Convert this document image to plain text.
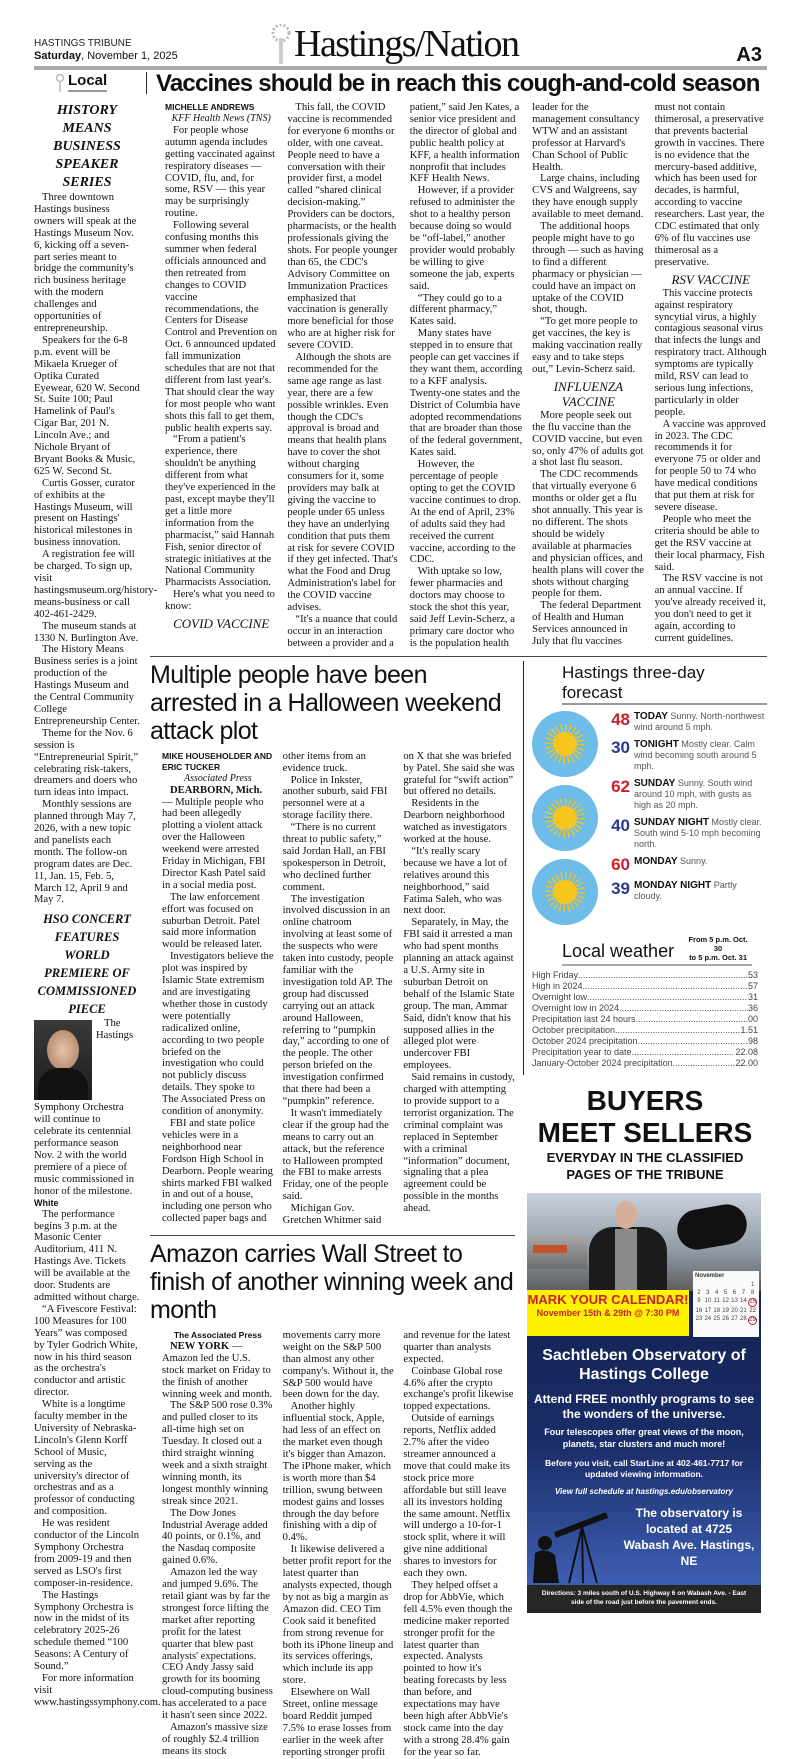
HASTINGS TRIBUNE
Saturday, November 1, 2025	Hastings/Nation	A3
Local Vaccines should be in reach this cough-and-cold season

HISTORY MEANS BUSINESS SPEAKER SERIES

Three downtown Hastings business owners will speak at the Hastings Museum Nov. 6, kicking off a seven-part series meant to bridge the community's rich business heritage with the modern challenges and opportunities of entrepreneurship.

Speakers for the 6-8 p.m. event will be Mikaela Krueger of Optika Curated Eyewear, 620 W. Second St. Suite 100; Paul Hamelink of Paul's Cigar Bar, 201 N. Lincoln Ave.; and Nichole Bryant of Bryant Books & Music, 625 W. Second St.

Curtis Gosser, curator of exhibits at the Hastings Museum, will present on Hastings' historical milestones in business innovation.

A registration fee will be charged. To sign up, visit hastingsmuseum.org/history-means-business or call 402-461-2429.

The museum stands at 1330 N. Burlington Ave.

The History Means Business series is a joint production of the Hastings Museum and the Central Community College Entrepreneurship Center.

Theme for the Nov. 6 session is “Entrepreneurial Spirit,” celebrating risk-takers, dreamers and doers who turn ideas into impact.

Monthly sessions are planned through May 7, 2026, with a new topic and panelists each month. The follow-on program dates are Dec. 11, Jan. 15, Feb. 5, March 12, April 9 and May 7.

HSO CONCERT FEATURES WORLD PREMIERE OF COMMISSIONED PIECE

The Hastings Symphony Orchestra will continue to celebrate its centennial performance season Nov. 2 with the world premiere of a piece of music commissioned in honor of the milestone.

White

The performance begins 3 p.m. at the Masonic Center Auditorium, 411 N. Hastings Ave. Tickets will be available at the door. Students are admitted without charge.

“A Fivescore Festival: 100 Measures for 100 Years” was composed by Tyler Godrich White, now in his third season as the orchestra's conductor and artistic director.

White is a longtime faculty member in the University of Nebraska-Lincoln's Glenn Korff School of Music, serving as the university's director of orchestras and as a professor of conducting and composition.

He was resident conductor of the Lincoln Symphony Orchestra from 2009-19 and then served as LSO's first composer-in-residence.

The Hastings Symphony Orchestra is now in the midst of its celebratory 2025-26 schedule themed “100 Seasons: A Century of Sound.”

For more information visit www.hastingssymphony.com.

MICHELLE ANDREWS

KFF Health News (TNS)

For people whose autumn agenda includes getting vaccinated against respiratory diseases — COVID, flu, and, for some, RSV — this year may be surprisingly routine.

Following several confusing months this summer when federal officials announced and then retreated from changes to COVID vaccine recommendations, the Centers for Disease Control and Prevention on Oct. 6 announced updated fall immunization schedules that are not that different from last year's. That should clear the way for most people who want shots this fall to get them, public health experts say.

“From a patient's experience, there shouldn't be anything different from what they've experienced in the past, except maybe they'll get a little more information from the pharmacist,” said Hannah Fish, senior director of strategic initiatives at the National Community Pharmacists Association.

Here's what you need to know:

COVID VACCINE

This fall, the COVID vaccine is recommended for everyone 6 months or older, with one caveat. People need to have a conversation with their provider first, a model called “shared clinical decision-making.” Providers can be doctors, pharmacists, or the health professionals giving the shots. For people younger than 65, the CDC's Advisory Committee on Immunization Practices emphasized that vaccination is generally more beneficial for those who are at higher risk for severe COVID.

Although the shots are recommended for the same age range as last year, there are a few possible wrinkles. Even though the CDC's approval is broad and means that health plans have to cover the shot without charging consumers for it, some providers may balk at giving the vaccine to people under 65 unless they have an underlying condition that puts them at risk for severe COVID if they get infected. That's what the Food and Drug Administration's label for the COVID vaccine advises.

“It's a nuance that could occur in an interaction between a provider and a patient,” said Jen Kates, a senior vice president and the director of global and public health policy at KFF, a health information nonprofit that includes KFF Health News.

However, if a provider refused to administer the shot to a healthy person because doing so would be “off-label,” another provider would probably be willing to give someone the jab, experts said.

“They could go to a different pharmacy,” Kates said.

Many states have stepped in to ensure that people can get vaccines if they want them, according to a KFF analysis. Twenty-one states and the District of Columbia have adopted recommendations that are broader than those of the federal government, Kates said.

However, the percentage of people opting to get the COVID vaccine continues to drop. At the end of April, 23% of adults said they had received the current vaccine, according to the CDC.

With uptake so low, fewer pharmacies and doctors may choose to stock the shot this year, said Jeff Levin-Scherz, a primary care doctor who is the population health leader for the management consultancy WTW and an assistant professor at Harvard's Chan School of Public Health.

Large chains, including CVS and Walgreens, say they have enough supply available to meet demand.

The additional hoops people might have to go through — such as having to find a different pharmacy or physician — could have an impact on uptake of the COVID shot, though.

“To get more people to get vaccines, the key is making vaccination really easy and to take steps out,” Levin-Scherz said.

INFLUENZA VACCINE

More people seek out the flu vaccine than the COVID vaccine, but even so, only 47% of adults got a shot last flu season.

The CDC recommends that virtually everyone 6 months or older get a flu shot annually. This year is no different. The shots should be widely available at pharmacies and physician offices, and health plans will cover the shots without charging people for them.

The federal Department of Health and Human Services announced in July that flu vaccines must not contain thimerosal, a preservative that prevents bacterial growth in vaccines. There is no evidence that the mercury-based additive, which has been used for decades, is harmful, according to vaccine researchers. Last year, the CDC estimated that only 6% of flu vaccines use thimerosal as a preservative.

RSV VACCINE

This vaccine protects against respiratory syncytial virus, a highly contagious seasonal virus that infects the lungs and respiratory tract. Although symptoms are typically mild, RSV can lead to serious lung infections, particularly in older people.

A vaccine was approved in 2023. The CDC recommends it for everyone 75 or older and for people 50 to 74 who have medical conditions that put them at risk for severe disease.

People who meet the criteria should be able to get the RSV vaccine at their local pharmacy, Fish said.

The RSV vaccine is not an annual vaccine. If you've already received it, you don't need to get it again, according to current guidelines.

Multiple people have been arrested in a Halloween weekend attack plot

MIKE HOUSEHOLDER AND ERIC TUCKER

Associated Press

DEARBORN, Mich. — Multiple people who had been allegedly plotting a violent attack over the Halloween weekend were arrested Friday in Michigan, FBI Director Kash Patel said in a social media post.

The law enforcement effort was focused on suburban Detroit. Patel said more information would be released later.

Investigators believe the plot was inspired by Islamic State extremism and are investigating whether those in custody were potentially radicalized online, according to two people briefed on the investigation who could not publicly discuss details. They spoke to The Associated Press on condition of anonymity.

FBI and state police vehicles were in a neighborhood near Fordson High School in Dearborn. People wearing shirts marked FBI walked in and out of a house, including one person who collected paper bags and other items from an evidence truck.

Police in Inkster, another suburb, said FBI personnel were at a storage facility there.

“There is no current threat to public safety,” said Jordan Hall, an FBI spokesperson in Detroit, who declined further comment.

The investigation involved discussion in an online chatroom involving at least some of the suspects who were taken into custody, people familiar with the investigation told AP. The group had discussed carrying out an attack around Halloween, referring to “pumpkin day,” according to one of the people. The other person briefed on the investigation confirmed that there had been a “pumpkin” reference.

It wasn't immediately clear if the group had the means to carry out an attack, but the reference to Halloween prompted the FBI to make arrests Friday, one of the people said.

Michigan Gov. Gretchen Whitmer said on X that she was briefed by Patel. She said she was grateful for “swift action” but offered no details.

Residents in the Dearborn neighborhood watched as investigators worked at the house.

“It's really scary because we have a lot of relatives around this neighborhood,” said Fatima Saleh, who was next door.

Separately, in May, the FBI said it arrested a man who had spent months planning an attack against a U.S. Army site in suburban Detroit on behalf of the Islamic State group. The man, Ammar Said, didn't know that his supposed allies in the alleged plot were undercover FBI employees.

Said remains in custody, charged with attempting to provide support to a terrorist organization. The criminal complaint was replaced in September with a criminal “information” document, signaling that a plea agreement could be possible in the months ahead.

Amazon carries Wall Street to finish of another winning week and month

The Associated Press

NEW YORK — Amazon led the U.S. stock market on Friday to the finish of another winning week and month.

The S&P 500 rose 0.3% and pulled closer to its all-time high set on Tuesday. It closed out a third straight winning week and a sixth straight winning month, its longest monthly winning streak since 2021.

The Dow Jones Industrial Average added 40 points, or 0.1%, and the Nasdaq composite gained 0.6%.

Amazon led the way and jumped 9.6%. The retail giant was by far the strongest force lifting the market after reporting profit for the latest quarter that blew past analysts' expectations. CEO Andy Jassy said growth for its booming cloud-computing business has accelerated to a pace it hasn't seen since 2022.

Amazon's massive size of roughly $2.4 trillion means its stock movements carry more weight on the S&P 500 than almost any other company's. Without it, the S&P 500 would have been down for the day.

Another highly influential stock, Apple, had less of an effect on the market even though it's bigger than Amazon. The iPhone maker, which is worth more than $4 trillion, swung between modest gains and losses through the day before finishing with a dip of 0.4%.

It likewise delivered a better profit report for the latest quarter than analysts expected, though by not as big a margin as Amazon did. CEO Tim Cook said it benefited from strong revenue for both its iPhone lineup and its services offerings, which include its app store.

Elsewhere on Wall Street, online message board Reddit jumped 7.5% to erase losses from earlier in the week after reporting stronger profit and revenue for the latest quarter than analysts expected.

Coinbase Global rose 4.6% after the crypto exchange's profit likewise topped expectations.

Outside of earnings reports, Netflix added 2.7% after the video streamer announced a move that could make its stock price more affordable but still leave all its investors holding the same amount. Netflix will undergo a 10-for-1 stock split, where it will give nine additional shares to investors for each they own.

They helped offset a drop for AbbVie, which fell 4.5% even though the medicine maker reported stronger profit for the latest quarter than expected. Analysts pointed to how it's beating forecasts by less than before, and expectations may have been high after AbbVie's stock came into the day with a strong 28.4% gain for the year so far.

Hastings three-day forecast
48 TODAY Sunny. North-northwest wind around 5 mph.
30 TONIGHT Mostly clear. Calm wind becoming south around 5 mph.
62 SUNDAY Sunny. South wind around 10 mph, with gusts as high as 20 mph.
40 SUNDAY NIGHT Mostly clear. South wind 5-10 mph becoming north.
60 MONDAY Sunny.
39 MONDAY NIGHT Partly cloudy.
Local weather
From 5 p.m. Oct. 30
to 5 p.m. Oct. 31
High Friday .....	53
High in 2024 .....	57
Overnight low .....	31
Overnight low in 2024 .....	36
Precipitation last 24 hours .....	.00
October precipitation .....	1.51
October 2024 precipitation .....	.98
Precipitation year to date .....	22.08
January-October 2024 precipitation .....	22.00
BUYERS
MEET SELLERS
EVERYDAY IN THE CLASSIFIED
PAGES OF THE TRIBUNE
MARK YOUR CALENDAR!
November 15th & 29th @ 7:30 PM
November
1
2 3 4 5 6 7 8
9 10 11 12 13 14 15
16 17 18 19 20 21 22
23 24 25 26 27 28 29
Sachtleben Observatory of Hastings College
Attend FREE monthly programs to see the wonders of the universe.
Four telescopes offer great views of the moon, planets, star clusters and much more!
Before you visit, call StarLine at 402-461-7717 for updated viewing information.
View full schedule at hastings.edu/observatory
The observatory is located at 4725 Wabash Ave. Hastings, NE
Directions: 3 miles south of U.S. Highway 6 on Wabash Ave. - East side of the road just before the pavement ends.
